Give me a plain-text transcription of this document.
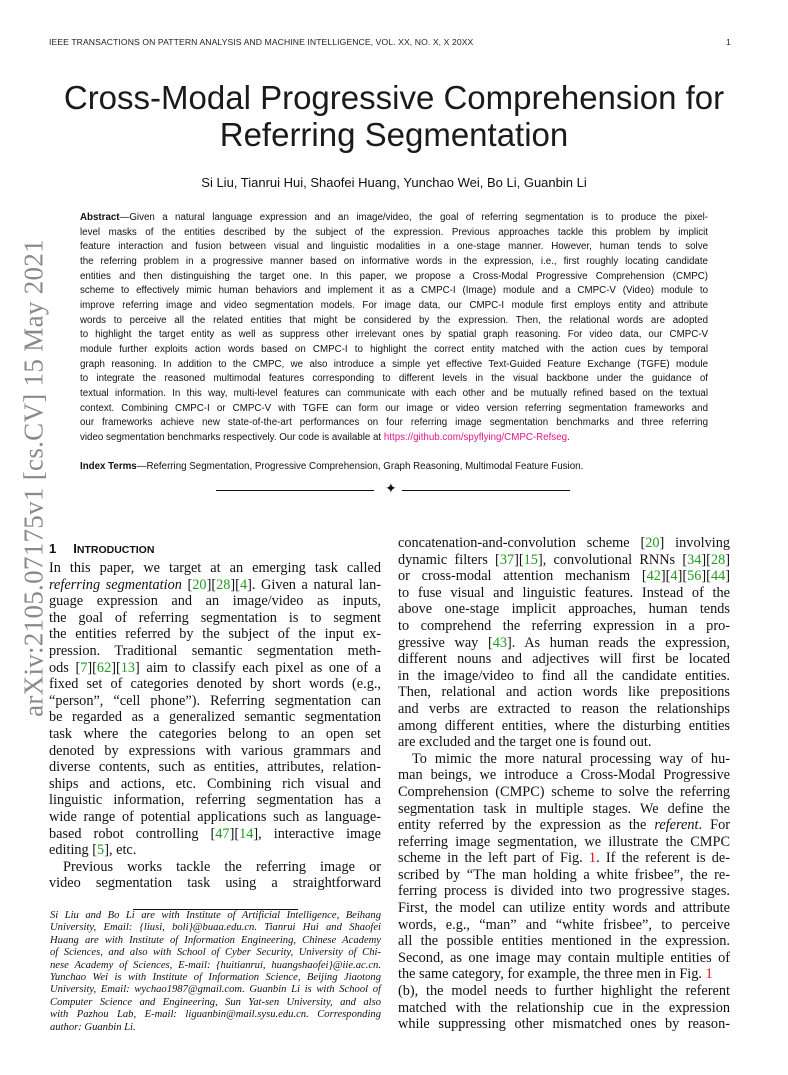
IEEE TRANSACTIONS ON PATTERN ANALYSIS AND MACHINE INTELLIGENCE, VOL. XX, NO. X, X 20XX	1
Cross-Modal Progressive Comprehension for
Referring Segmentation
Si Liu, Tianrui Hui, Shaofei Huang, Yunchao Wei, Bo Li, Guanbin Li
arXiv:2105.07175v1 [cs.CV] 15 May 2021
Abstract—Given a natural language expression and an image/video, the goal of referring segmentation is to produce the pixel-
level masks of the entities described by the subject of the expression. Previous approaches tackle this problem by implicit
feature interaction and fusion between visual and linguistic modalities in a one-stage manner. However, human tends to solve
the referring problem in a progressive manner based on informative words in the expression, i.e., first roughly locating candidate
entities and then distinguishing the target one. In this paper, we propose a Cross-Modal Progressive Comprehension (CMPC)
scheme to effectively mimic human behaviors and implement it as a CMPC-I (Image) module and a CMPC-V (Video) module to
improve referring image and video segmentation models. For image data, our CMPC-I module first employs entity and attribute
words to perceive all the related entities that might be considered by the expression. Then, the relational words are adopted
to highlight the target entity as well as suppress other irrelevant ones by spatial graph reasoning. For video data, our CMPC-V
module further exploits action words based on CMPC-I to highlight the correct entity matched with the action cues by temporal
graph reasoning. In addition to the CMPC, we also introduce a simple yet effective Text-Guided Feature Exchange (TGFE) module
to integrate the reasoned multimodal features corresponding to different levels in the visual backbone under the guidance of
textual information. In this way, multi-level features can communicate with each other and be mutually refined based on the textual
context. Combining CMPC-I or CMPC-V with TGFE can form our image or video version referring segmentation frameworks and
our frameworks achieve new state-of-the-art performances on four referring image segmentation benchmarks and three referring
video segmentation benchmarks respectively. Our code is available at https://github.com/spyflying/CMPC-Refseg.
Index Terms—Referring Segmentation, Progressive Comprehension, Graph Reasoning, Multimodal Feature Fusion.
✦
1 INTRODUCTION
In this paper, we target at an emerging task called
referring segmentation [20][28][4]. Given a natural lan-
guage expression and an image/video as inputs,
the goal of referring segmentation is to segment
the entities referred by the subject of the input ex-
pression. Traditional semantic segmentation meth-
ods [7][62][13] aim to classify each pixel as one of a
fixed set of categories denoted by short words (e.g.,
“person”, “cell phone”). Referring segmentation can
be regarded as a generalized semantic segmentation
task where the categories belong to an open set
denoted by expressions with various grammars and
diverse contents, such as entities, attributes, relation-
ships and actions, etc. Combining rich visual and
linguistic information, referring segmentation has a
wide range of potential applications such as language-
based robot controlling [47][14], interactive image
editing [5], etc.
Previous works tackle the referring image or
video segmentation task using a straightforward
concatenation-and-convolution scheme [20] involving
dynamic filters [37][15], convolutional RNNs [34][28]
or cross-modal attention mechanism [42][4][56][44]
to fuse visual and linguistic features. Instead of the
above one-stage implicit approaches, human tends
to comprehend the referring expression in a pro-
gressive way [43]. As human reads the expression,
different nouns and adjectives will first be located
in the image/video to find all the candidate entities.
Then, relational and action words like prepositions
and verbs are extracted to reason the relationships
among different entities, where the disturbing entities
are excluded and the target one is found out.
To mimic the more natural processing way of hu-
man beings, we introduce a Cross-Modal Progressive
Comprehension (CMPC) scheme to solve the referring
segmentation task in multiple stages. We define the
entity referred by the expression as the referent. For
referring image segmentation, we illustrate the CMPC
scheme in the left part of Fig. 1. If the referent is de-
scribed by “The man holding a white frisbee”, the re-
ferring process is divided into two progressive stages.
First, the model can utilize entity words and attribute
words, e.g., “man” and “white frisbee”, to perceive
all the possible entities mentioned in the expression.
Second, as one image may contain multiple entities of
the same category, for example, the three men in Fig. 1
(b), the model needs to further highlight the referent
matched with the relationship cue in the expression
while suppressing other mismatched ones by reason-
Si Liu and Bo Li are with Institute of Artificial Intelligence, Beihang
University, Email: {liusi, boli}@buaa.edu.cn. Tianrui Hui and Shaofei
Huang are with Institute of Information Engineering, Chinese Academy
of Sciences, and also with School of Cyber Security, University of Chi-
nese Academy of Sciences, E-mail: {huitianrui, huangshaofei}@iie.ac.cn.
Yunchao Wei is with Institute of Information Science, Beijing Jiaotong
University, Email: wychao1987@gmail.com. Guanbin Li is with School of
Computer Science and Engineering, Sun Yat-sen University, and also
with Pazhou Lab, E-mail: liguanbin@mail.sysu.edu.cn. Corresponding
author: Guanbin Li.
